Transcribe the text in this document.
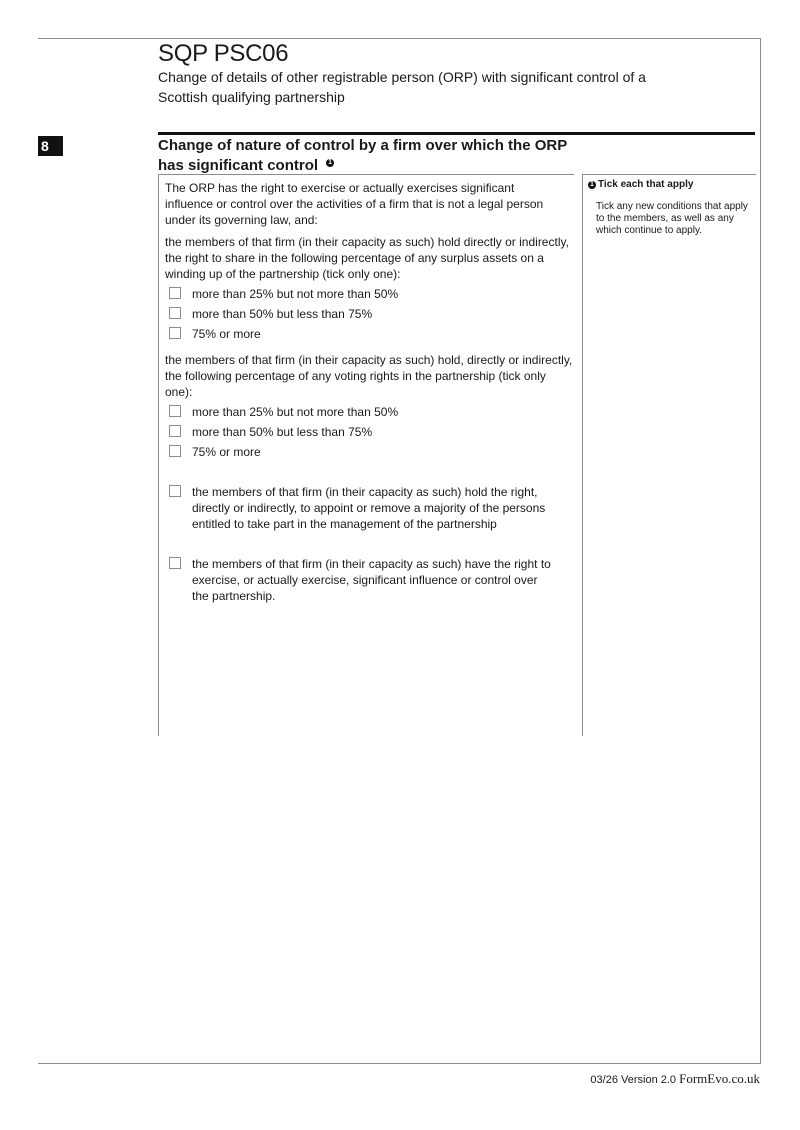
SQP PSC06

Change of details of other registrable person (ORP) with significant control of a Scottish qualifying partnership

8	Change of nature of control by a firm over which the ORP has significant control 1

The ORP has the right to exercise or actually exercises significant influence or control over the activities of a firm that is not a legal person under its governing law, and:

the members of that firm (in their capacity as such) hold directly or indirectly, the right to share in the following percentage of any surplus assets on a winding up of the partnership (tick only one):

more than 25% but not more than 50%
more than 50% but less than 75%
75% or more

the members of that firm (in their capacity as such) hold, directly or indirectly, the following percentage of any voting rights in the partnership (tick only one):

more than 25% but not more than 50%
more than 50% but less than 75%
75% or more
the members of that firm (in their capacity as such) hold the right, directly or indirectly, to appoint or remove a majority of the persons entitled to take part in the management of the partnership
the members of that firm (in their capacity as such) have the right to exercise, or actually exercise, significant influence or control over the partnership.

1 Tick each that apply

Tick any new conditions that apply to the members, as well as any which continue to apply.

03/26 Version 2.0 FormEvo.co.uk
